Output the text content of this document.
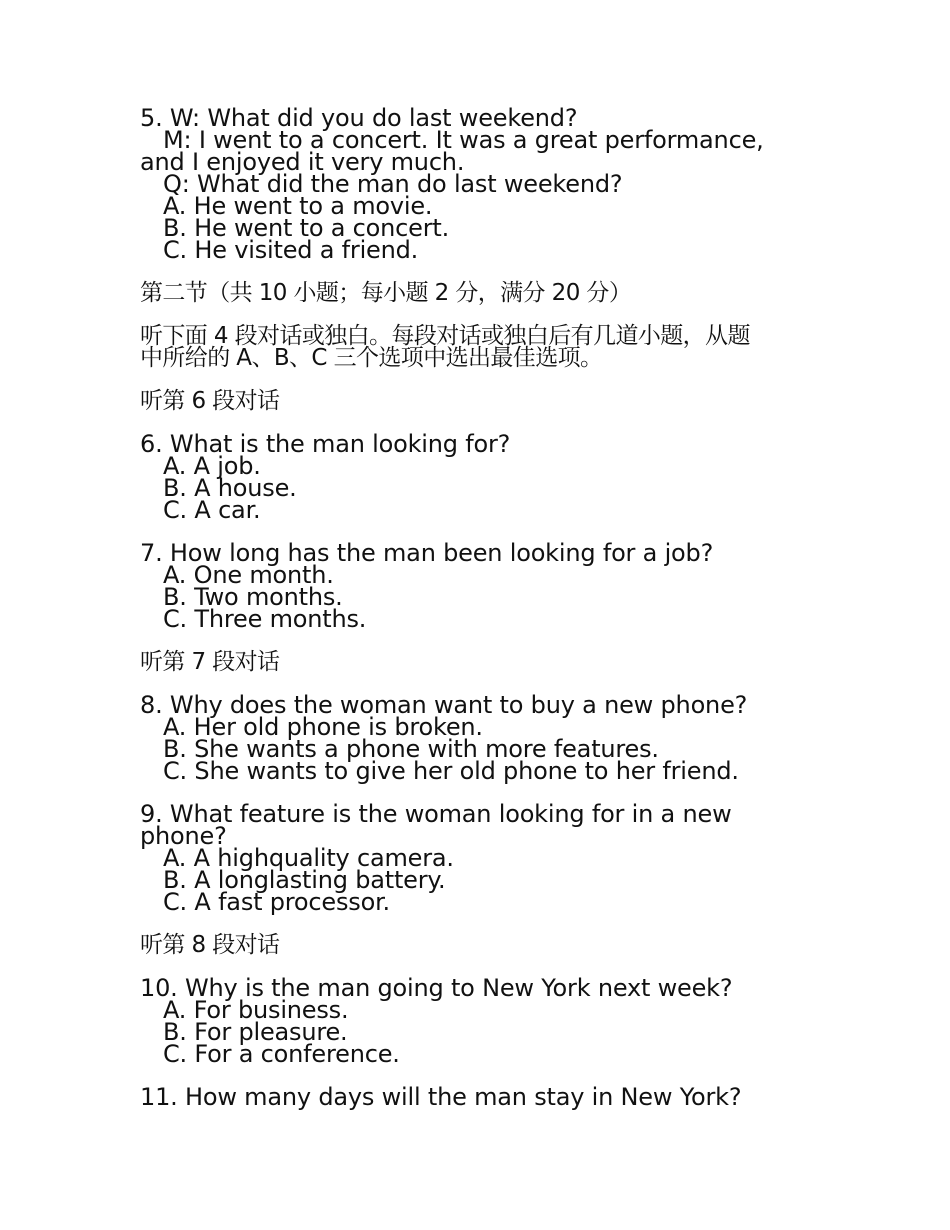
5. W: What did you do last weekend?
M: I went to a concert. It was a great performance,
and I enjoyed it very much.
Q: What did the man do last weekend?
A. He went to a movie.
B. He went to a concert.
C. He visited a friend.
第二节（共 10 小题；每小题 2 分，满分 20 分）
听下面 4 段对话或独白。每段对话或独白后有几道小题，从题
中所给的 A、B、C 三个选项中选出最佳选项。
听第 6 段对话
6. What is the man looking for?
A. A job.
B. A house.
C. A car.
7. How long has the man been looking for a job?
A. One month.
B. Two months.
C. Three months.
听第 7 段对话
8. Why does the woman want to buy a new phone?
A. Her old phone is broken.
B. She wants a phone with more features.
C. She wants to give her old phone to her friend.
9. What feature is the woman looking for in a new
phone?
A. A highquality camera.
B. A longlasting battery.
C. A fast processor.
听第 8 段对话
10. Why is the man going to New York next week?
A. For business.
B. For pleasure.
C. For a conference.
11. How many days will the man stay in New York?
